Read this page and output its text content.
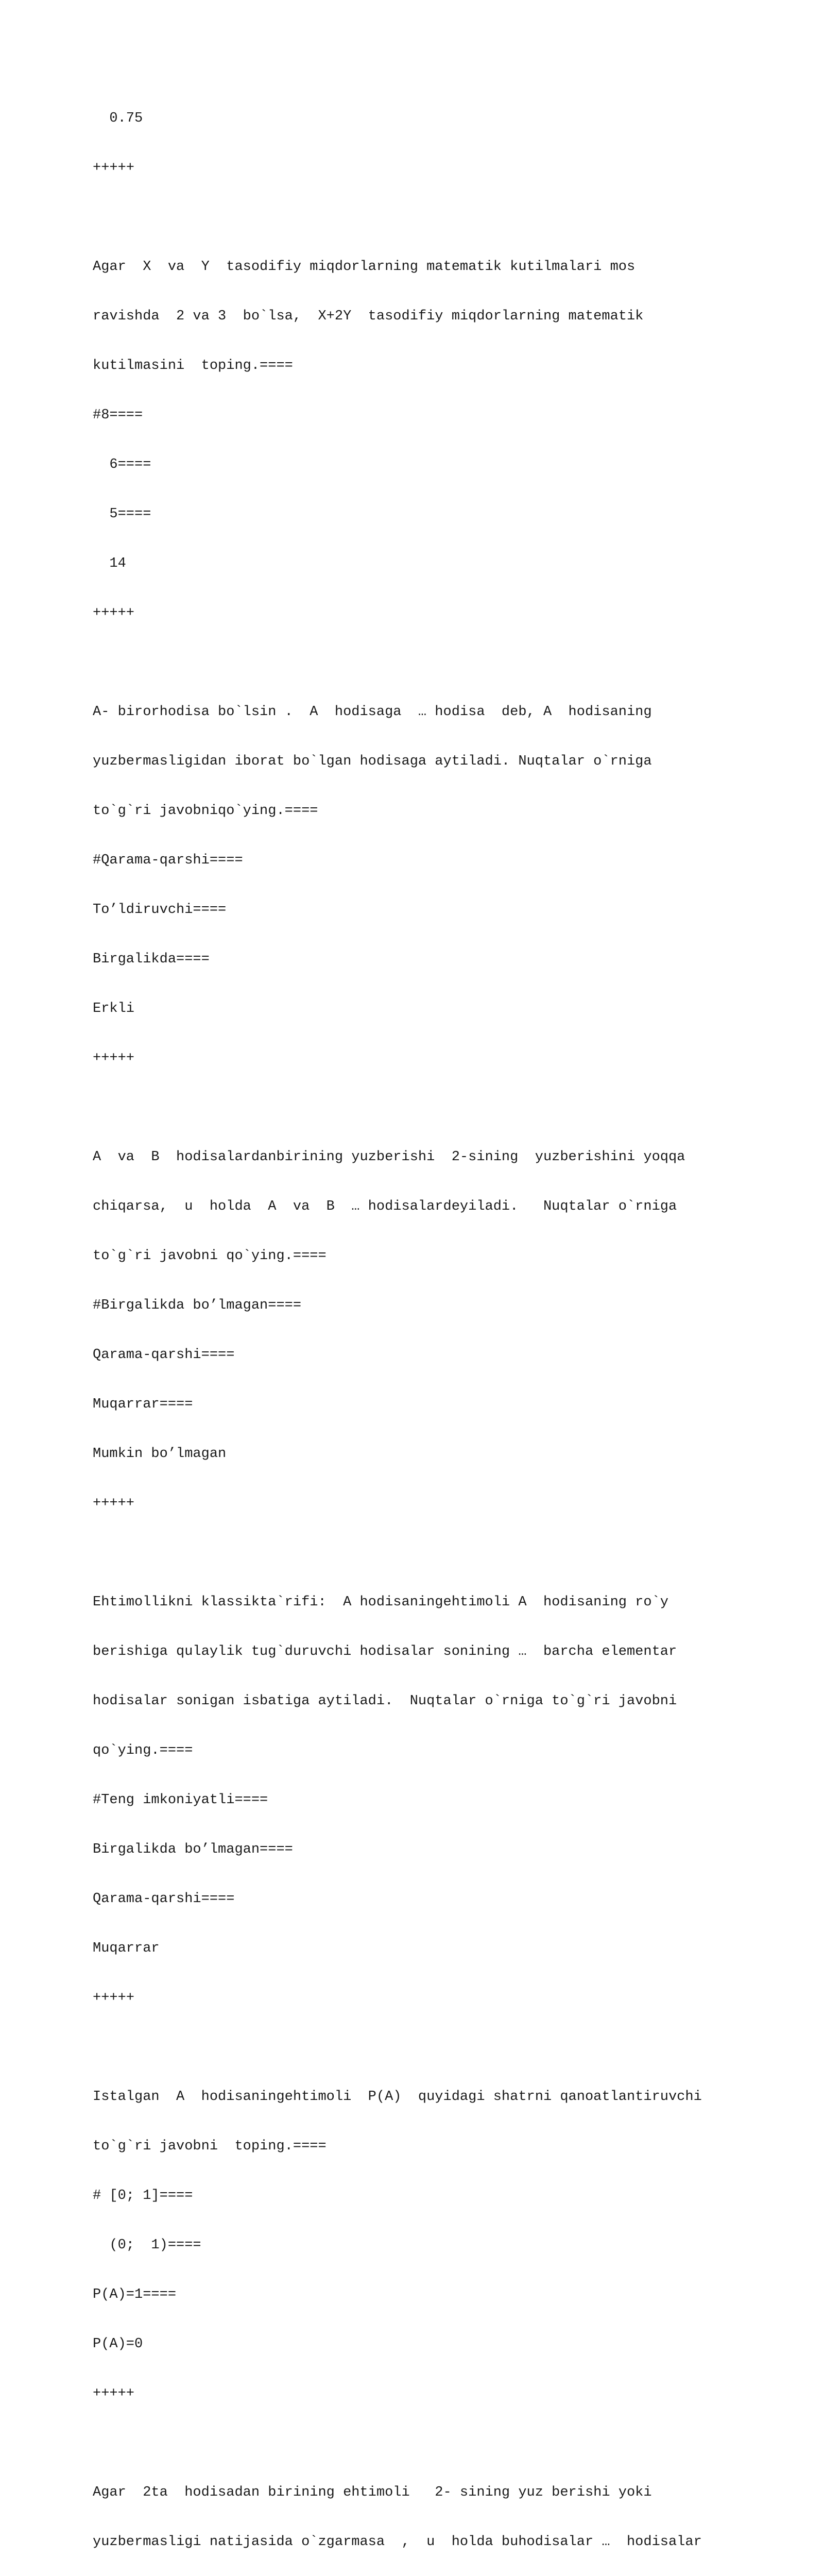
0.75

+++++

Agar  X  va  Y  tasodifiy miqdorlarning matematik kutilmalari mos

ravishda  2 va 3  bo`lsa,  X+2Y  tasodifiy miqdorlarning matematik

kutilmasini  toping.====

#8====

6====

5====

14

+++++

A- birorhodisa bo`lsin .  A  hodisaga  … hodisa  deb, A  hodisaning

yuzbermasligidan iborat bo`lgan hodisaga aytiladi. Nuqtalar o`rniga

to`g`ri javobniqo`ying.====

#Qarama-qarshi====

To’ldiruvchi====

Birgalikda====

Erkli

+++++

A  va  B  hodisalardanbirining yuzberishi  2-sining  yuzberishini yoqqa

chiqarsa,  u  holda  A  va  B  … hodisalardeyiladi.   Nuqtalar o`rniga

to`g`ri javobni qo`ying.====

#Birgalikda bo’lmagan====

Qarama-qarshi====

Muqarrar====

Mumkin bo’lmagan

+++++

Ehtimollikni klassikta`rifi:  A hodisaningehtimoli A  hodisaning ro`y

berishiga qulaylik tug`duruvchi hodisalar sonining …  barcha elementar

hodisalar sonigan isbatiga aytiladi.  Nuqtalar o`rniga to`g`ri javobni

qo`ying.====

#Teng imkoniyatli====

Birgalikda bo’lmagan====

Qarama-qarshi====

Muqarrar

+++++

Istalgan  A  hodisaningehtimoli  P(A)  quyidagi shatrni qanoatlantiruvchi

to`g`ri javobni  toping.====

# [0; 1]====

(0;  1)====

P(A)=1====

P(A)=0

+++++

Agar  2ta  hodisadan birining ehtimoli   2- sining yuz berishi yoki

yuzbermasligi natijasida o`zgarmasa  ,  u  holda buhodisalar …  hodisalar
